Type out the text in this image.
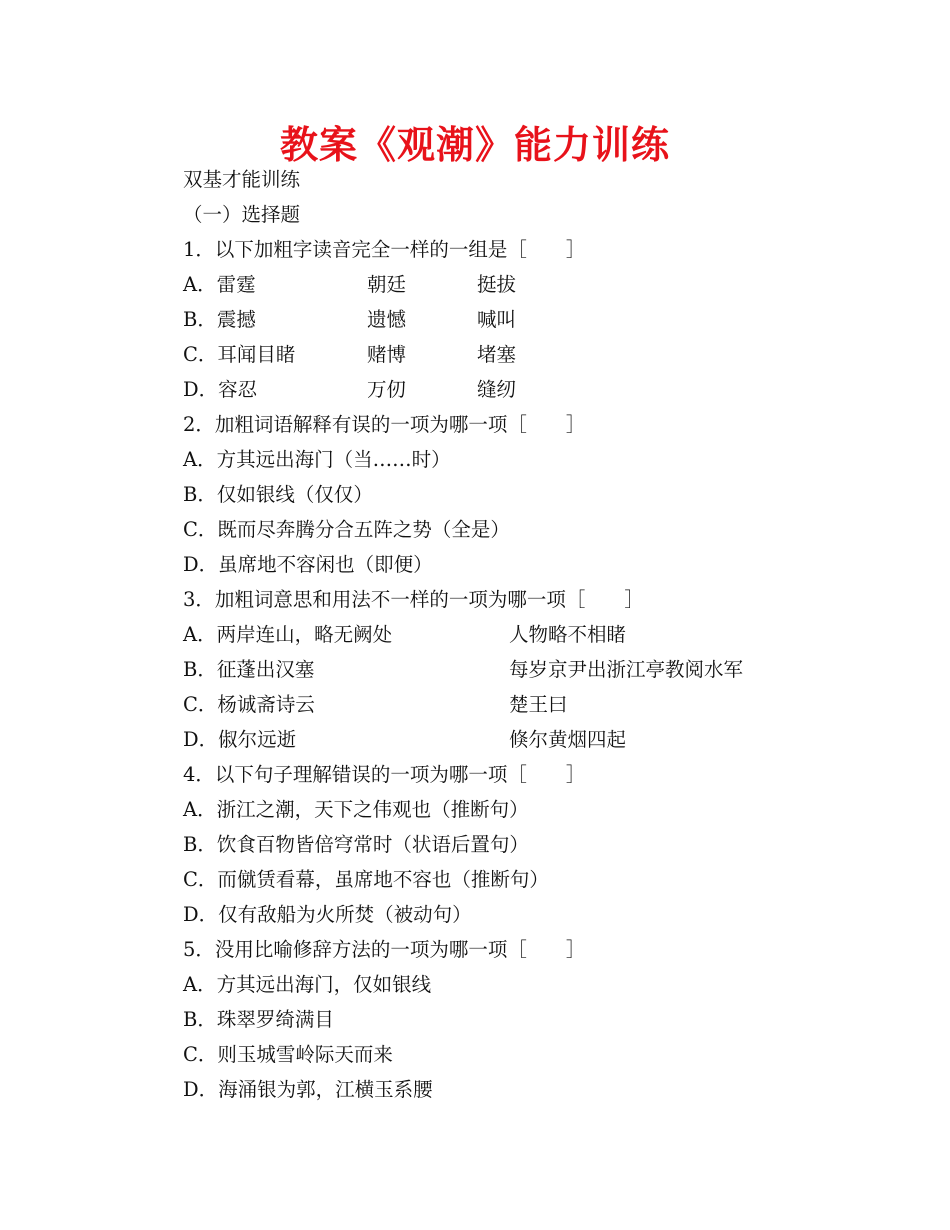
教案《观潮》能力训练
双基才能训练
（一）选择题
1．以下加粗字读音完全一样的一组是［　　］
A．雷霆	朝廷	挺拔
B．震撼	遗憾	喊叫
C．耳闻目睹	赌博	堵塞
D．容忍	万仞	缝纫
2．加粗词语解释有误的一项为哪一项［　　］
A．方其远出海门（当……时）
B．仅如银线（仅仅）
C．既而尽奔腾分合五阵之势（全是）
D．虽席地不容闲也（即便）
3．加粗词意思和用法不一样的一项为哪一项［　　］
A．两岸连山，略无阙处	人物略不相睹
B．征蓬出汉塞	每岁京尹出浙江亭教阅水军
C．杨诚斋诗云	楚王曰
D．俶尔远逝	倏尔黄烟四起
4．以下句子理解错误的一项为哪一项［　　］
A．浙江之潮，天下之伟观也（推断句）
B．饮食百物皆倍穹常时（状语后置句）
C．而僦赁看幕，虽席地不容也（推断句）
D．仅有敌船为火所焚（被动句）
5．没用比喻修辞方法的一项为哪一项［　　］
A．方其远出海门，仅如银线
B．珠翠罗绮满目
C．则玉城雪岭际天而来
D．海涌银为郭，江横玉系腰
